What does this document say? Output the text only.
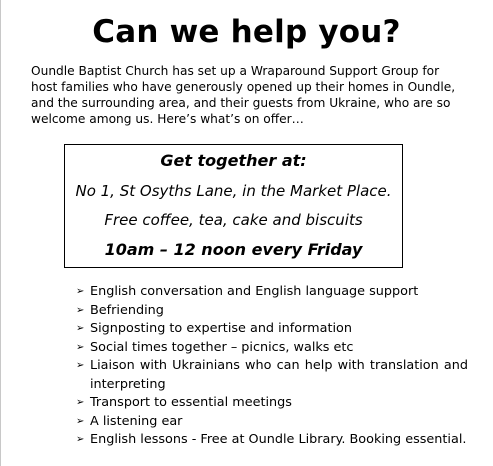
Can we help you?

Oundle Baptist Church has set up a Wraparound Support Group for host families who have generously opened up their homes in Oundle, and the surrounding area, and their guests from Ukraine, who are so welcome among us. Here’s what’s on offer…

Get together at:
No 1, St Osyths Lane, in the Market Place.
Free coffee, tea, cake and biscuits
10am – 12 noon every Friday
➢ English conversation and English language support
➢ Befriending
➢ Signposting to expertise and information
➢ Social times together – picnics, walks etc
➢ Liaison with Ukrainians who can help with translation and interpreting
➢ Transport to essential meetings
➢ A listening ear
➢ English lessons - Free at Oundle Library. Booking essential.
